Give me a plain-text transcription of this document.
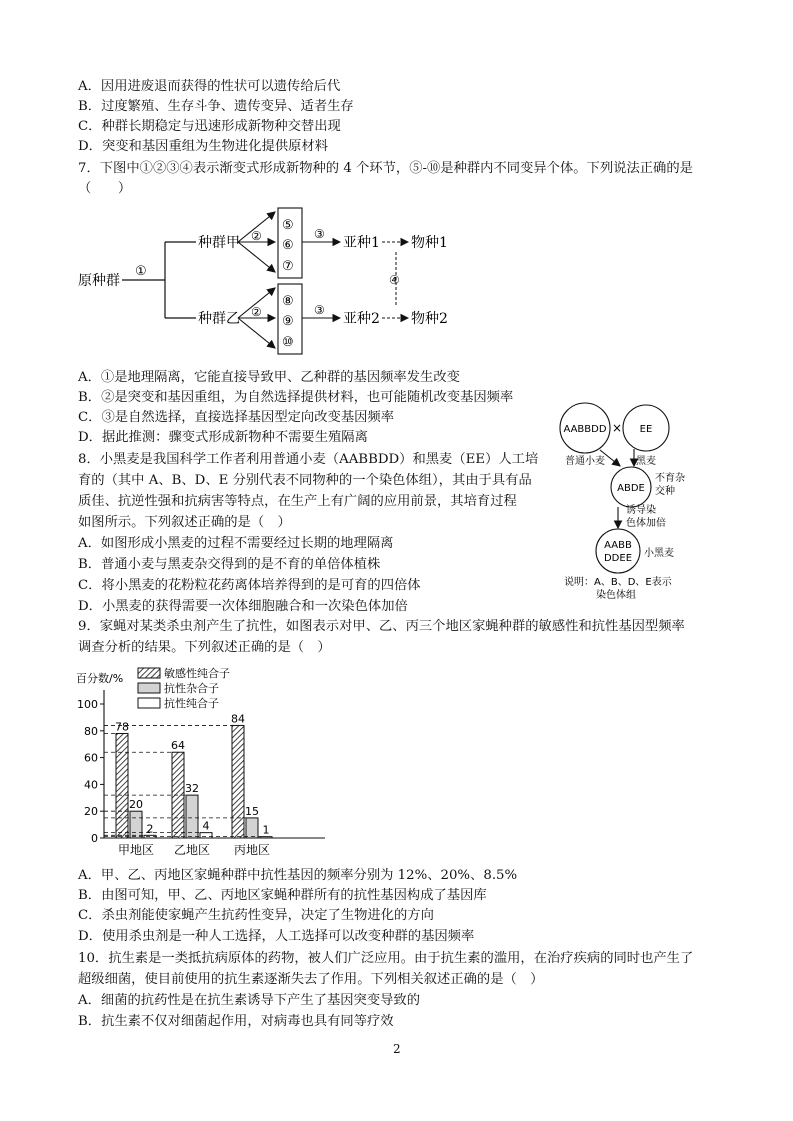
A．因用进废退而获得的性状可以遗传给后代
B．过度繁殖、生存斗争、遗传变异、适者生存
C．种群长期稳定与迅速形成新物种交替出现
D．突变和基因重组为生物进化提供原材料
7．下图中①②③④表示渐变式形成新物种的 4 个环节，⑤-⑩是种群内不同变异个体。下列说法正确的是
（　　）
原种群
①
种群甲
种群乙
②
②
⑤
⑥
⑦
⑧
⑨
⑩
③
③
亚种1
亚种2
物种1
物种2
④
A．①是地理隔离，它能直接导致甲、乙种群的基因频率发生改变
B．②是突变和基因重组，为自然选择提供材料，也可能随机改变基因频率
C．③是自然选择，直接选择基因型定向改变基因频率
D．据此推测：骤变式形成新物种不需要生殖隔离
8．小黑麦是我国科学工作者利用普通小麦（AABBDD）和黑麦（EE）人工培
育的（其中 A、B、D、E 分别代表不同物种的一个染色体组），其由于具有品
质佳、抗逆性强和抗病害等特点，在生产上有广阔的应用前景，其培育过程
如图所示。下列叙述正确的是（　）
A．如图形成小黑麦的过程不需要经过长期的地理隔离
B．普通小麦与黑麦杂交得到的是不育的单倍体植株
C．将小黑麦的花粉粒花药离体培养得到的是可育的四倍体
D．小黑麦的获得需要一次体细胞融合和一次染色体加倍
AABBDD × EE
普通小麦	黑麦
ABDE
不育杂
交种
诱导染
色体加倍
AABB
DDEE 小黑麦
说明：A、B、D、E表示
染色体组
9．家蝇对某类杀虫剂产生了抗性，如图表示对甲、乙、丙三个地区家蝇种群的敏感性和抗性基因型频率
调查分析的结果。下列叙述正确的是（　）
百分数/%	敏感性纯合子
抗性杂合子
抗性纯合子
0
20
40
60
80
100
78
20
2
甲地区
64
32
4
乙地区
84
15
1
丙地区
A．甲、乙、丙地区家蝇种群中抗性基因的频率分别为 12%、20%、8.5%
B．由图可知，甲、乙、丙地区家蝇种群所有的抗性基因构成了基因库
C．杀虫剂能使家蝇产生抗药性变异，决定了生物进化的方向
D．使用杀虫剂是一种人工选择，人工选择可以改变种群的基因频率
10．抗生素是一类抵抗病原体的药物，被人们广泛应用。由于抗生素的滥用，在治疗疾病的同时也产生了
超级细菌，使目前使用的抗生素逐渐失去了作用。下列相关叙述正确的是（　）
A．细菌的抗药性是在抗生素诱导下产生了基因突变导致的
B．抗生素不仅对细菌起作用，对病毒也具有同等疗效
2
